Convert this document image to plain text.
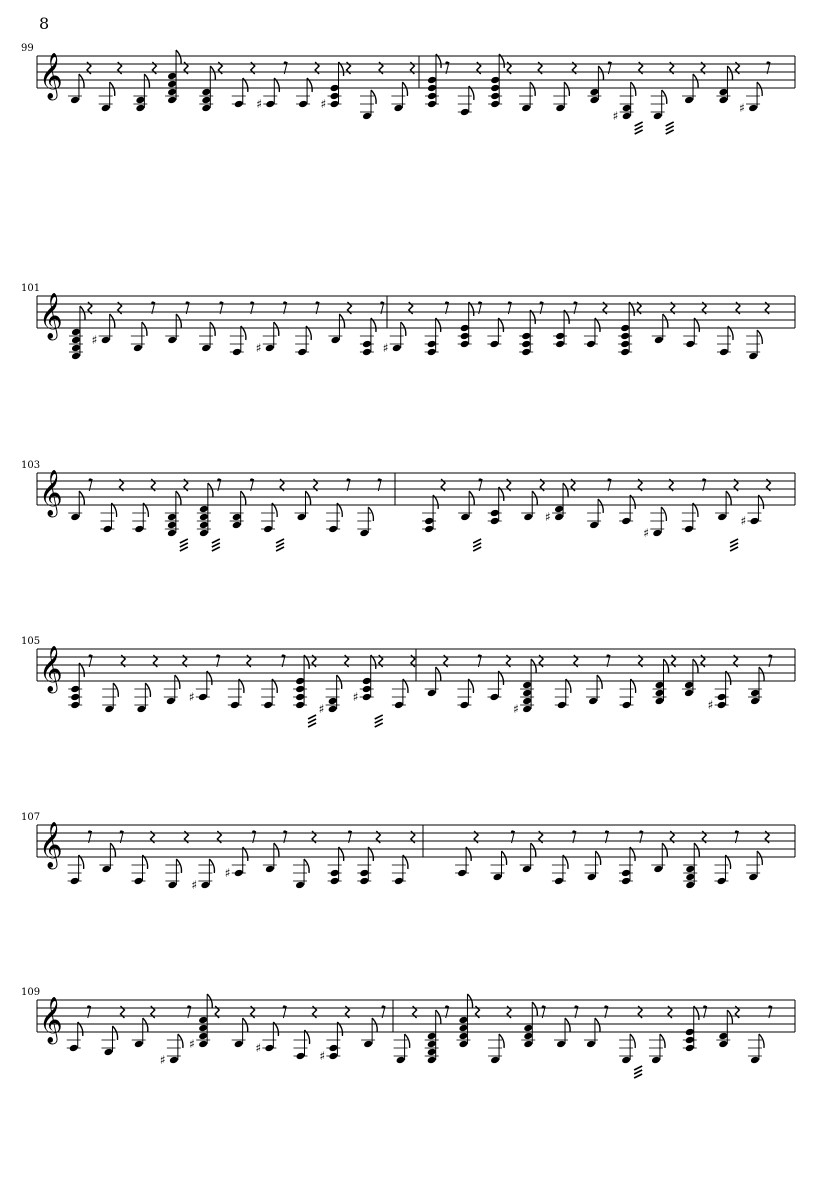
8
99
𝄞
♯	♯
♯
♯
101
𝄞
♯
♯	♯
103
𝄞
♯
♯
♯
105
𝄞
♯
♯
♯
♯	♯
107
𝄞
♯
♯
109
𝄞
♯
♯	♯
♯
